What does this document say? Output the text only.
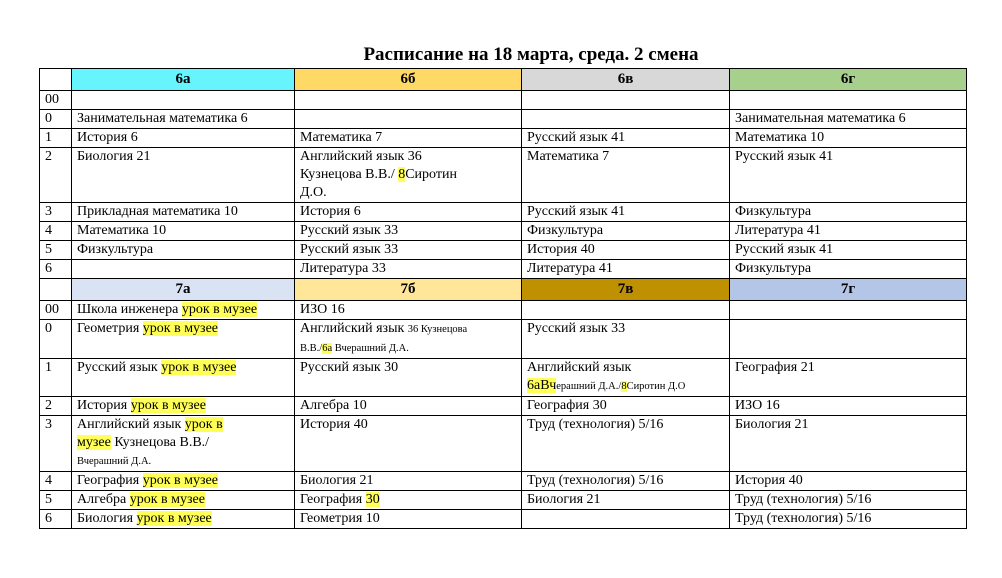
Расписание на 18 марта, среда. 2 смена
	6а	6б	6в	6г
00				
0	Занимательная математика 6			Занимательная математика 6
1	История 6	Математика 7	Русский язык 41	Математика 10
2	Биология 21	Английский язык 36
Кузнецова В.В./ 8Сиротин
Д.О.	Математика 7	Русский язык 41
3	Прикладная математика 10	История 6	Русский язык 41	Физкультура
4	Математика 10	Русский язык 33	Физкультура	Литература 41
5	Физкультура	Русский язык 33	История 40	Русский язык 41
6		Литература 33	Литература 41	Физкультура
	7а	7б	7в	7г
00	Школа инженера урок в музее	ИЗО 16		
0	Геометрия урок в музее	Английский язык 36 Кузнецова
В.В./6а Вчерашний Д.А.	Русский язык 33	
1	Русский язык урок в музее	Русский язык 30	Английский язык
6аВчерашний Д.А./8Сиротин Д.О	География 21
2	История урок в музее	Алгебра 10	География 30	ИЗО 16
3	Английский язык урок в
музее Кузнецова В.В./
Вчерашний Д.А.	История 40	Труд (технология) 5/16	Биология 21
4	География урок в музее	Биология 21	Труд (технология) 5/16	История 40
5	Алгебра урок в музее	География 30	Биология 21	Труд (технология) 5/16
6	Биология урок в музее	Геометрия 10		Труд (технология) 5/16
